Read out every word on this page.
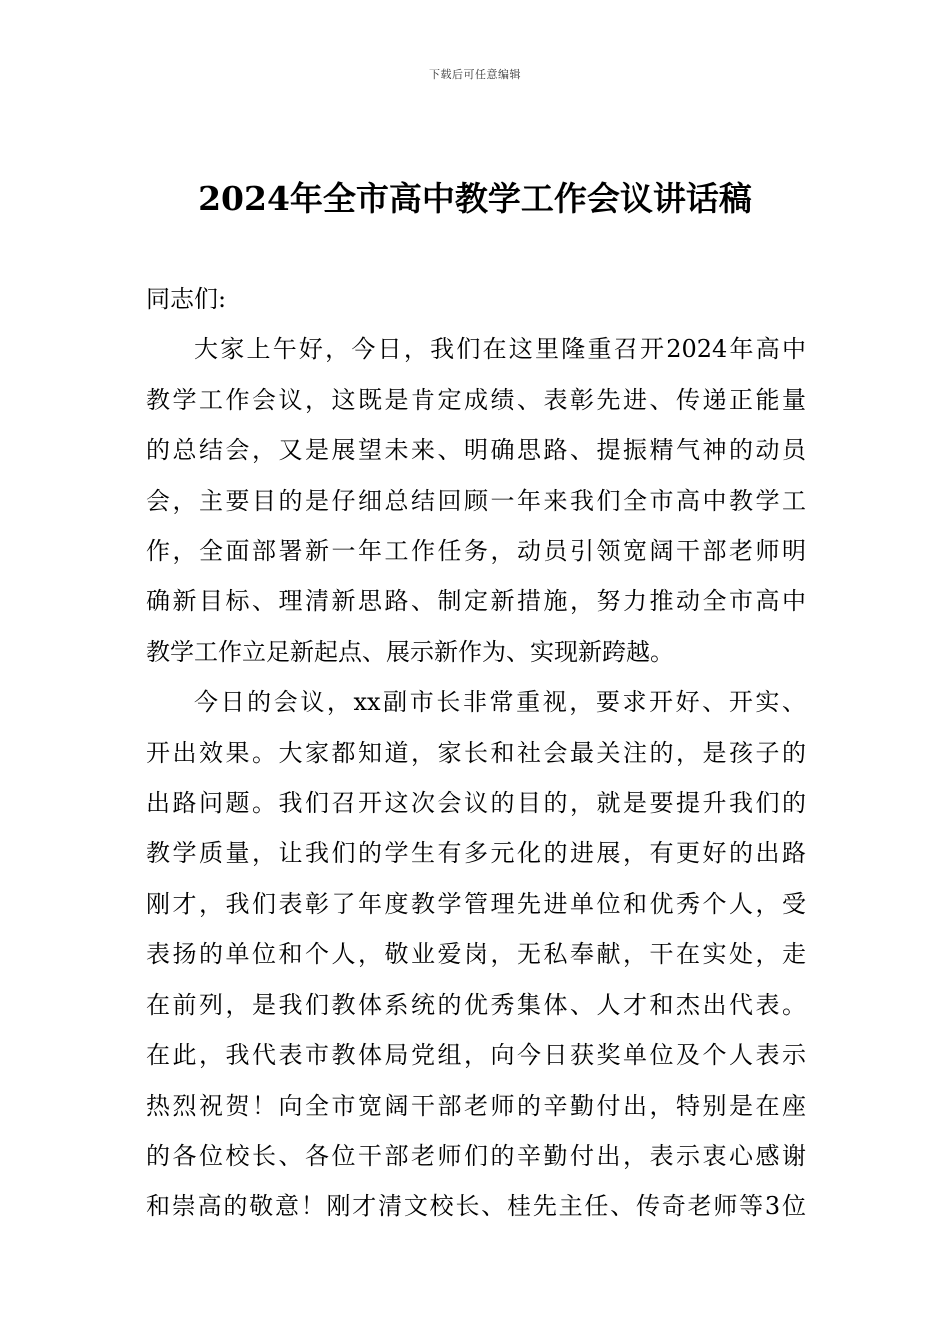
下载后可任意编辑
2024年全市高中教学工作会议讲话稿

同志们:

大家上午好，今日，我们在这里隆重召开2024年高中
教学工作会议，这既是肯定成绩、表彰先进、传递正能量
的总结会，又是展望未来、明确思路、提振精气神的动员
会，主要目的是仔细总结回顾一年来我们全市高中教学工
作，全面部署新一年工作任务，动员引领宽阔干部老师明
确新目标、理清新思路、制定新措施，努力推动全市高中
教学工作立足新起点、展示新作为、实现新跨越。
今日的会议，xx副市长非常重视，要求开好、开实、
开出效果。大家都知道，家长和社会最关注的，是孩子的
出路问题。我们召开这次会议的目的，就是要提升我们的
教学质量，让我们的学生有多元化的进展，有更好的出路
刚才，我们表彰了年度教学管理先进单位和优秀个人，受
表扬的单位和个人，敬业爱岗，无私奉献，干在实处，走
在前列，是我们教体系统的优秀集体、人才和杰出代表。
在此，我代表市教体局党组，向今日获奖单位及个人表示
热烈祝贺！向全市宽阔干部老师的辛勤付出，特别是在座
的各位校长、各位干部老师们的辛勤付出，表示衷心感谢
和崇高的敬意！刚才清文校长、桂先主任、传奇老师等3位
